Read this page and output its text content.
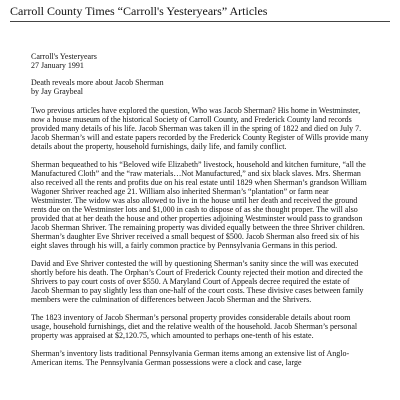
Carroll County Times “Carroll's Yesteryears” Articles

Carroll's Yesteryears
27 January 1991

Death reveals more about Jacob Sherman
by Jay Graybeal

Two previous articles have explored the question, Who was Jacob Sherman? His home in Westminster, now a house museum of the historical Society of Carroll County, and Frederick County land records provided many details of his life. Jacob Sherman was taken ill in the spring of 1822 and died on July 7. Jacob Sherman’s will and estate papers recorded by the Frederick County Register of Wills provide many details about the property, household furnishings, daily life, and family conflict.

Sherman bequeathed to his “Beloved wife Elizabeth” livestock, household and kitchen furniture, “all the Manufactured Cloth” and the “raw materials…Not Manufactured,” and six black slaves. Mrs. Sherman also received all the rents and profits due on his real estate until 1829 when Sherman’s grandson William Wagoner Shriver reached age 21. William also inherited Sherman’s “plantation” or farm near Westminster. The widow was also allowed to live in the house until her death and received the ground rents due on the Westminster lots and $1,000 in cash to dispose of as she thought proper. The will also provided that at her death the house and other properties adjoining Westminster would pass to grandson Jacob Sherman Shriver. The remaining property was divided equally between the three Shriver children. Sherman’s daughter Eve Shriver received a small bequest of $500. Jacob Sherman also freed six of his eight slaves through his will, a fairly common practice by Pennsylvania Germans in this period.

David and Eve Shriver contested the will by questioning Sherman’s sanity since the will was executed shortly before his death. The Orphan’s Court of Frederick County rejected their motion and directed the Shrivers to pay court costs of over $550. A Maryland Court of Appeals decree required the estate of Jacob Sherman to pay slightly less than one-half of the court costs. These divisive cases between family members were the culmination of differences between Jacob Sherman and the Shrivers.

The 1823 inventory of Jacob Sherman’s personal property provides considerable details about room usage, household furnishings, diet and the relative wealth of the household. Jacob Sherman’s personal property was appraised at $2,120.75, which amounted to perhaps one-tenth of his estate.

Sherman’s inventory lists traditional Pennsylvania German items among an extensive list of Anglo-American items. The Pennsylvania German possessions were a clock and case, large
